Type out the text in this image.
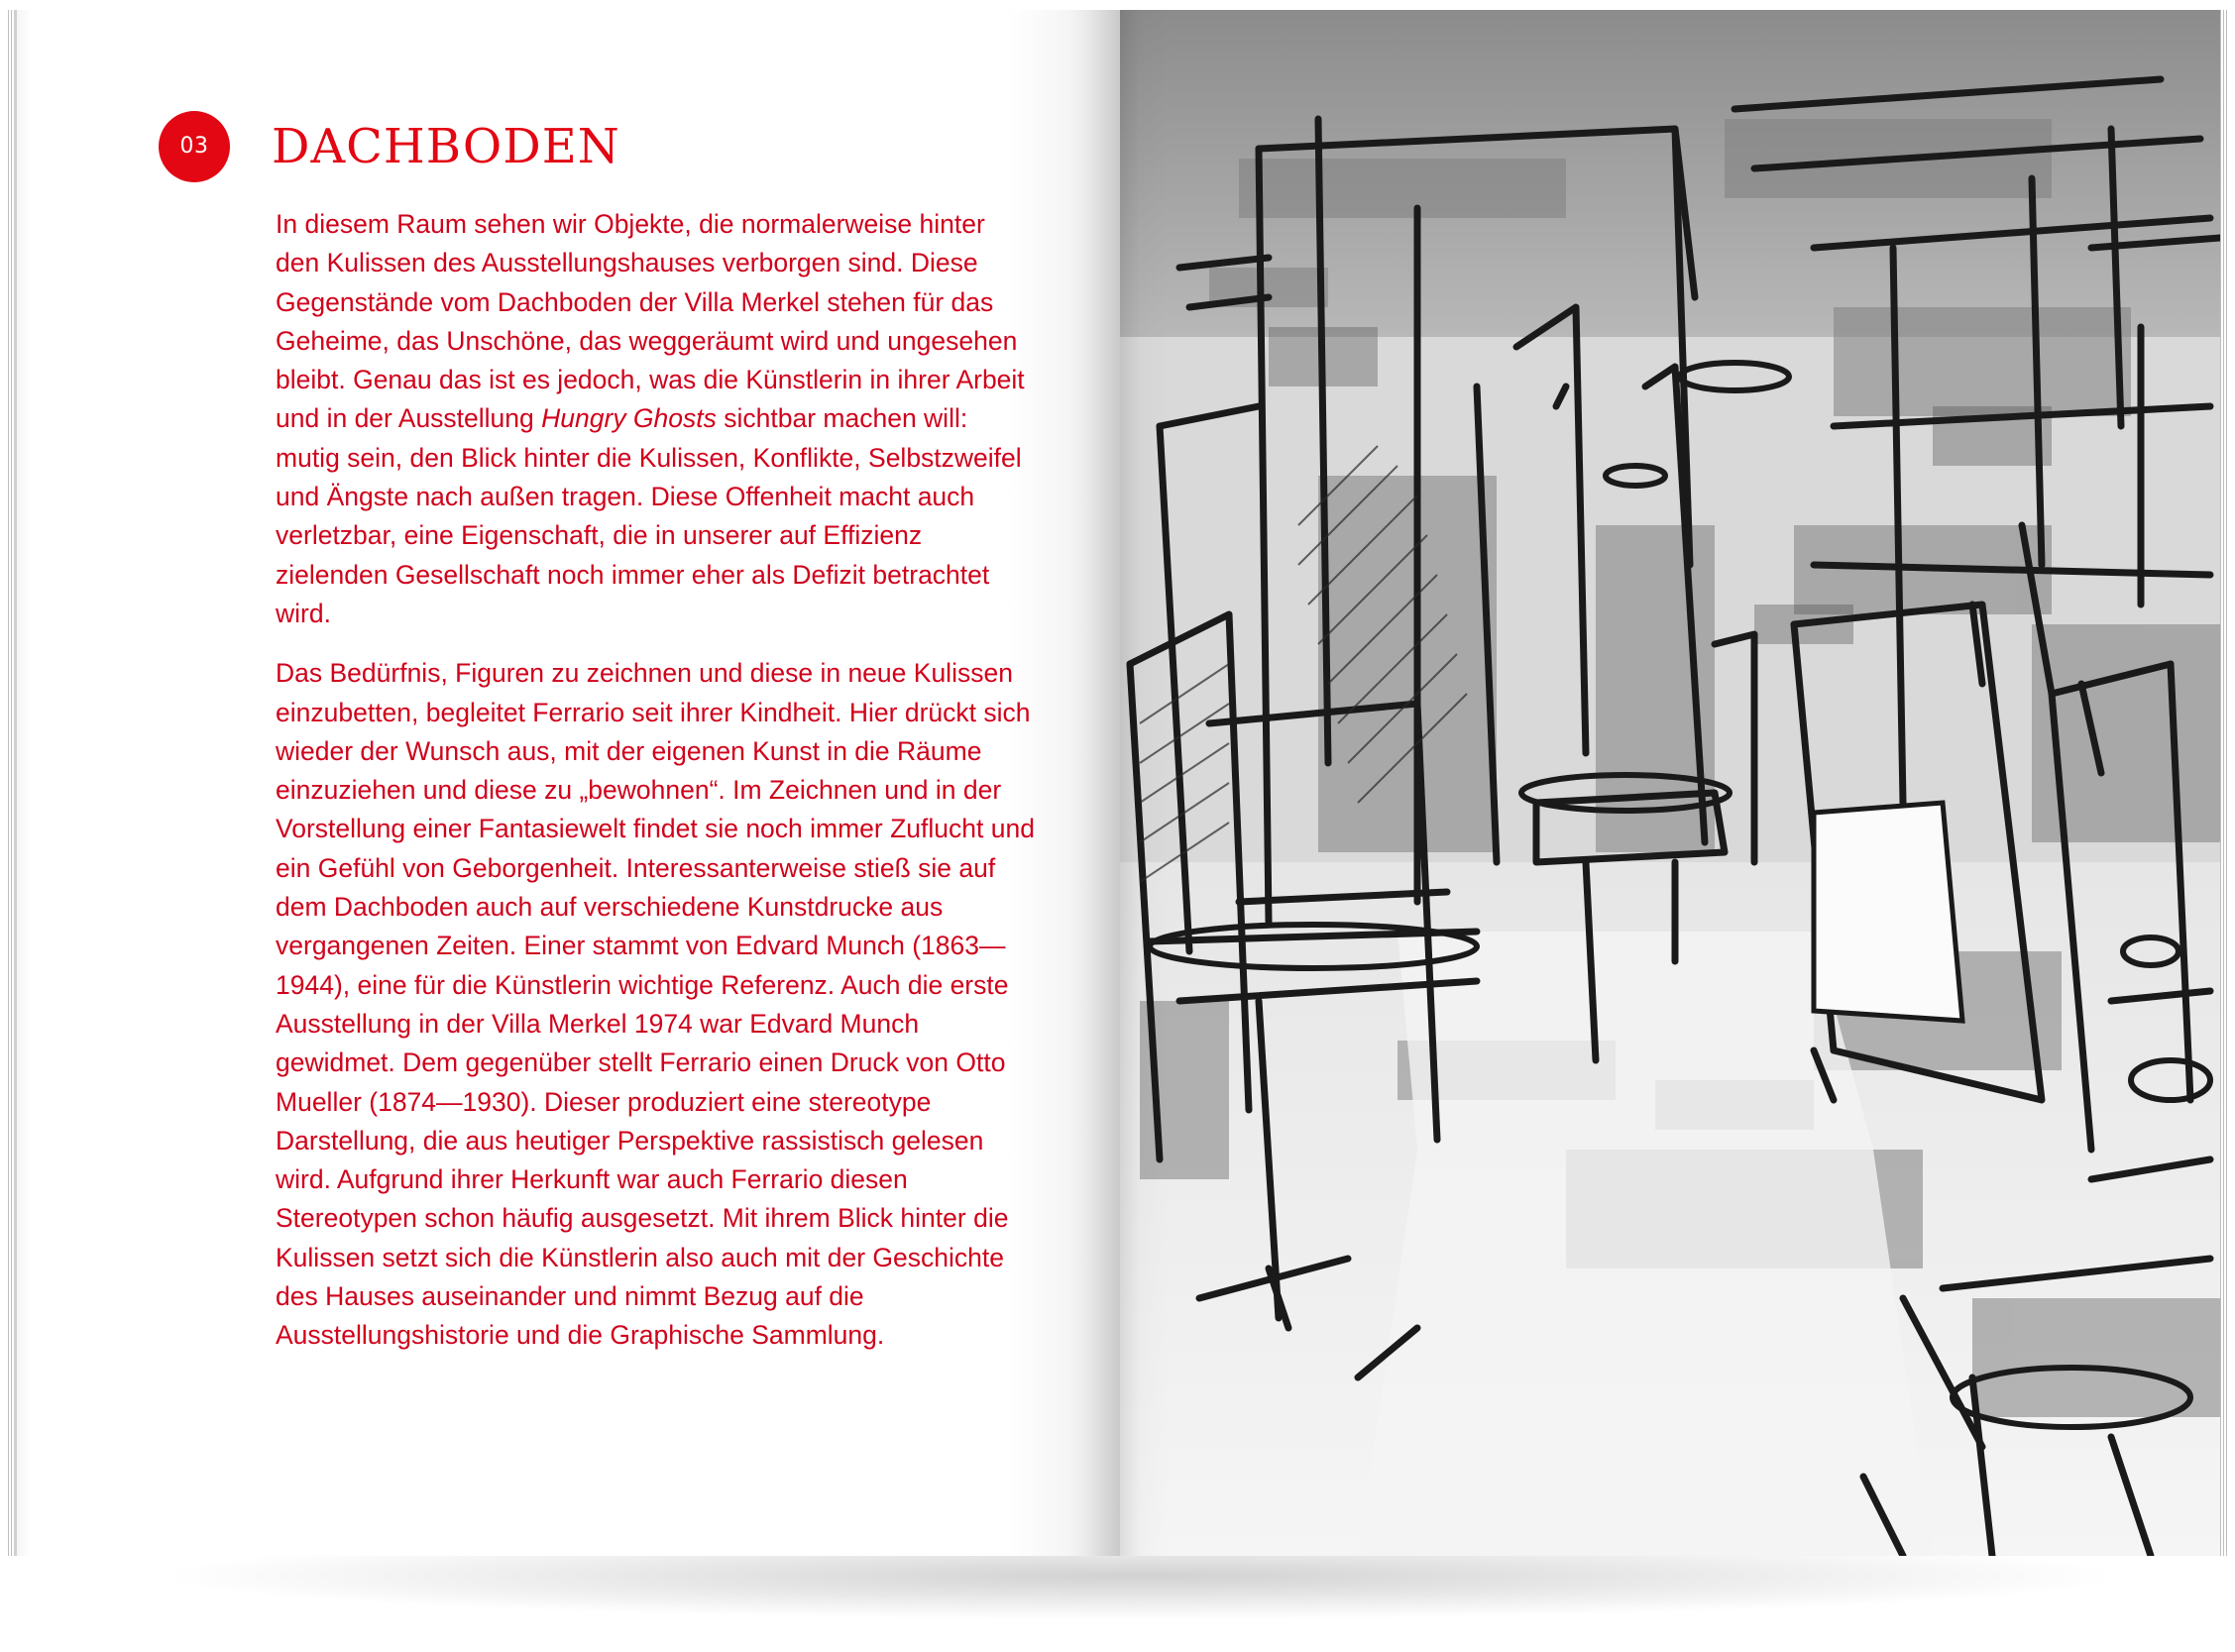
03	DACHBODEN

In diesem Raum sehen wir Objekte, die normalerweise hinter den Kulissen des Ausstellungshauses verborgen sind. Diese Gegenstände vom Dachboden der Villa Merkel stehen für das Geheime, das Unschöne, das weggeräumt wird und ungesehen bleibt. Genau das ist es jedoch, was die Künstlerin in ihrer Arbeit und in der Ausstellung Hungry Ghosts sichtbar machen will: mutig sein, den Blick hinter die Kulissen, Konflikte, Selbstzweifel und Ängste nach außen tragen. Diese Offenheit macht auch verletzbar, eine Eigenschaft, die in unserer auf Effizienz zielenden Gesellschaft noch immer eher als Defizit betrachtet wird.

Das Bedürfnis, Figuren zu zeichnen und diese in neue Kulissen einzubetten, begleitet Ferrario seit ihrer Kindheit. Hier drückt sich wieder der Wunsch aus, mit der eigenen Kunst in die Räume einzuziehen und diese zu „bewohnen“. Im Zeichnen und in der Vorstellung einer Fantasiewelt findet sie noch immer Zuflucht und ein Gefühl von Geborgenheit. Interessanterweise stieß sie auf dem Dachboden auch auf verschiedene Kunstdrucke aus vergangenen Zeiten. Einer stammt von Edvard Munch (1863—1944), eine für die Künstlerin wichtige Referenz. Auch die erste Ausstellung in der Villa Merkel 1974 war Edvard Munch gewidmet. Dem gegenüber stellt Ferrario einen Druck von Otto Mueller (1874—1930). Dieser produziert eine stereotype Darstellung, die aus heutiger Perspektive rassistisch gelesen wird. Aufgrund ihrer Herkunft war auch Ferrario diesen Stereotypen schon häufig ausgesetzt. Mit ihrem Blick hinter die Kulissen setzt sich die Künstlerin also auch mit der Geschichte des Hauses auseinander und nimmt Bezug auf die Ausstellungshistorie und die Graphische Sammlung.
